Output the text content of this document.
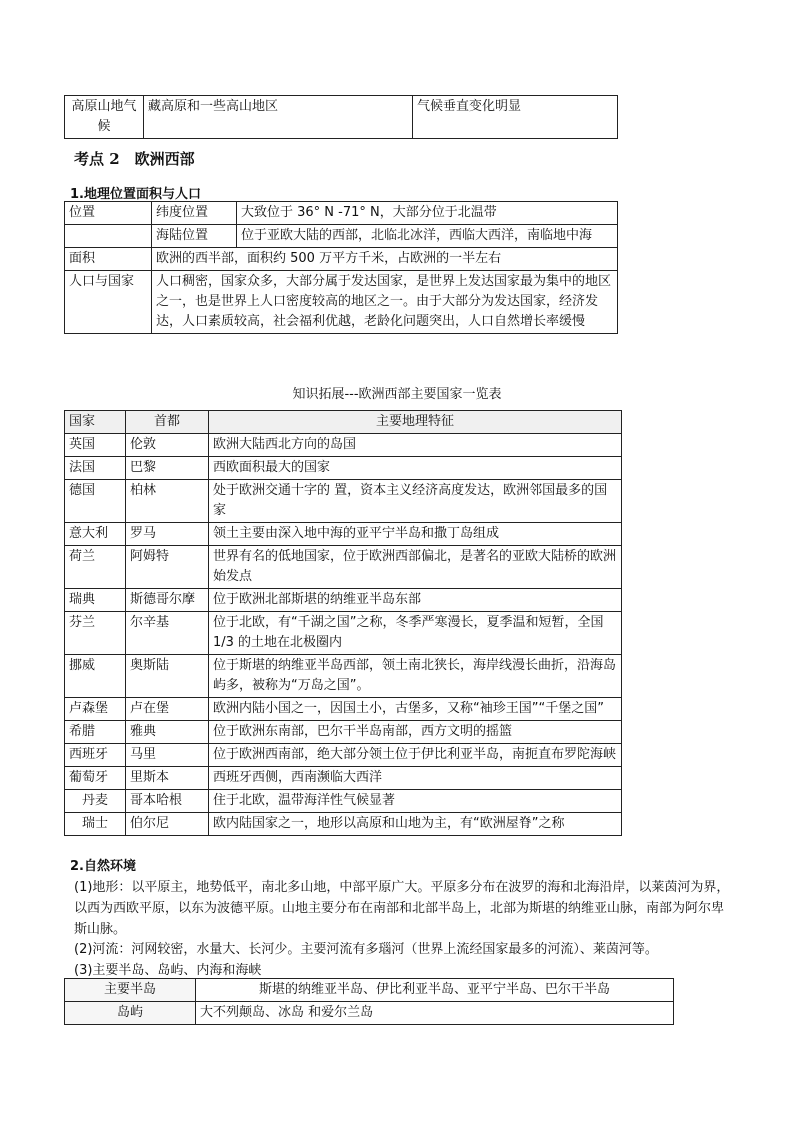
高原山地气候	藏高原和一些高山地区	气候垂直变化明显
考点 2　欧洲西部
1.地理位置面积与人口
位置	纬度位置	大致位于 36° N -71° N，大部分位于北温带
	海陆位置	位于亚欧大陆的西部，北临北冰洋，西临大西洋，南临地中海
面积	欧洲的西半部，面积约 500 万平方千米，占欧洲的一半左右	
人口与国家	人口稠密，国家众多，大部分属于发达国家，是世界上发达国家最为集中的地区之一，也是世界上人口密度较高的地区之一。由于大部分为发达国家，经济发达，人口素质较高，社会福利优越，老龄化问题突出，人口自然增长率缓慢	
知识拓展---欧洲西部主要国家一览表
国家	首都	主要地理特征
英国	伦敦	欧洲大陆西北方向的岛国
法国	巴黎	西欧面积最大的国家
德国	柏林	处于欧洲交通十字的 置，资本主义经济高度发达，欧洲邻国最多的国家
意大利	罗马	领土主要由深入地中海的亚平宁半岛和撒丁岛组成
荷兰	阿姆特	世界有名的低地国家，位于欧洲西部偏北，是著名的亚欧大陆桥的欧洲始发点
瑞典	斯德哥尔摩	位于欧洲北部斯堪的纳维亚半岛东部
芬兰	尔辛基	位于北欧，有“千湖之国”之称，冬季严寒漫长，夏季温和短暂，全国 1/3 的土地在北极圈内
挪威	奥斯陆	位于斯堪的纳维亚半岛西部，领土南北狭长，海岸线漫长曲折，沿海岛屿多，被称为“万岛之国”。
卢森堡	卢在堡	欧洲内陆小国之一，因国土小，古堡多，又称“袖珍王国”“千堡之国”
希腊	雅典	位于欧洲东南部，巴尔干半岛南部，西方文明的摇篮
西班牙	马里	位于欧洲西南部，绝大部分领土位于伊比利亚半岛，南扼直布罗陀海峡
葡萄牙	里斯本	西班牙西侧，西南濒临大西洋
丹麦	哥本哈根	住于北欧，温带海洋性气候显著
瑞士	伯尔尼	欧内陆国家之一，地形以高原和山地为主，有“欧洲屋脊”之称
2.自然环境
(1)地形：以平原主，地势低平，南北多山地，中部平原广大。平原多分布在波罗的海和北海沿岸，以莱茵河为界，以西为西欧平原，以东为波德平原。山地主要分布在南部和北部半岛上，北部为斯堪的纳维亚山脉，南部为阿尔卑斯山脉。
(2)河流：河网较密，水量大、长河少。主要河流有多瑙河（世界上流经国家最多的河流）、莱茵河等。
(3)主要半岛、岛屿、内海和海峡
主要半岛	斯堪的纳维亚半岛、伊比利亚半岛、亚平宁半岛、巴尔干半岛
岛屿	大不列颠岛、冰岛 和爱尔兰岛
